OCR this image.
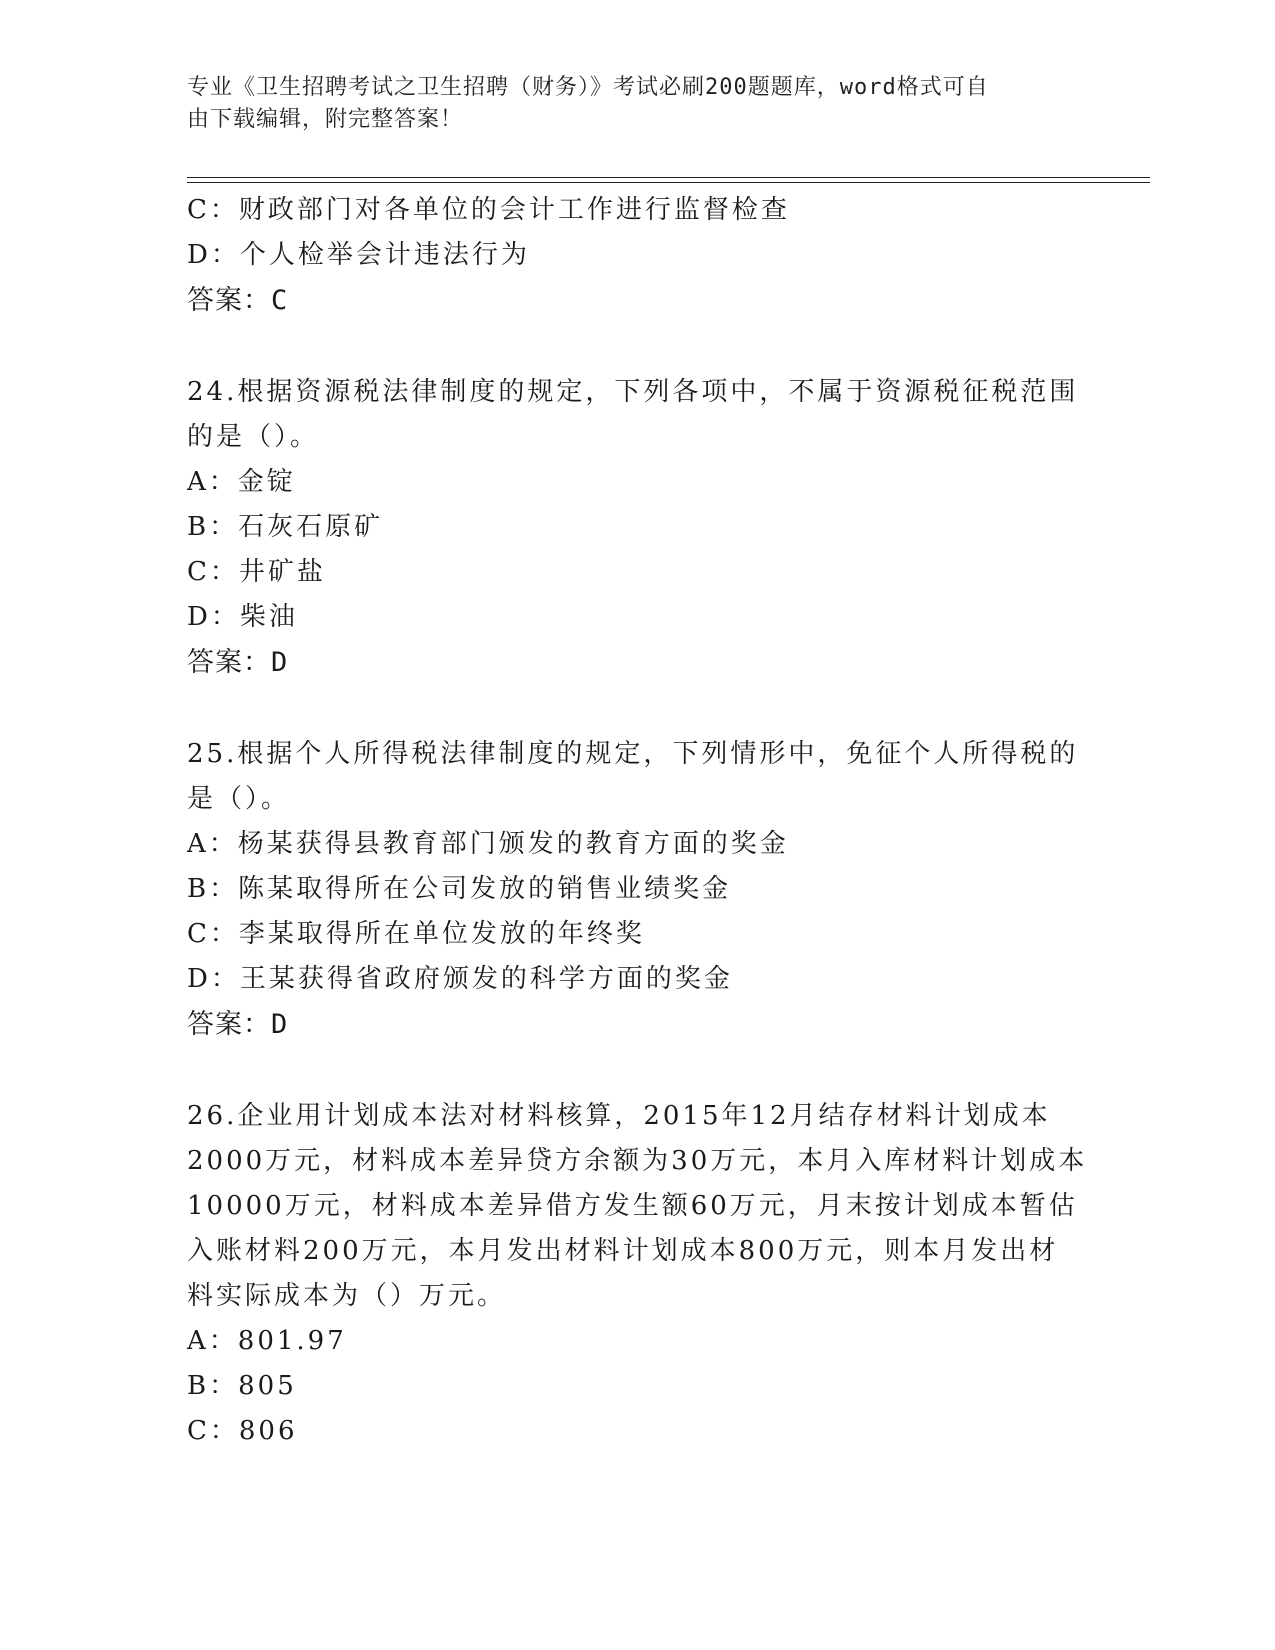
专业《卫生招聘考试之卫生招聘（财务）》考试必刷200题题库，word格式可自
由下载编辑，附完整答案！
C：财政部门对各单位的会计工作进行监督检查
D：个人检举会计违法行为
答案：C
24.根据资源税法律制度的规定，下列各项中，不属于资源税征税范围
的是（）。
A：金锭
B：石灰石原矿
C：井矿盐
D：柴油
答案：D
25.根据个人所得税法律制度的规定，下列情形中，免征个人所得税的
是（）。
A：杨某获得县教育部门颁发的教育方面的奖金
B：陈某取得所在公司发放的销售业绩奖金
C：李某取得所在单位发放的年终奖
D：王某获得省政府颁发的科学方面的奖金
答案：D
26.企业用计划成本法对材料核算，2015年12月结存材料计划成本
2000万元，材料成本差异贷方余额为30万元，本月入库材料计划成本
10000万元，材料成本差异借方发生额60万元，月末按计划成本暂估
入账材料200万元，本月发出材料计划成本800万元，则本月发出材
料实际成本为（）万元。
A：801.97
B：805
C：806
